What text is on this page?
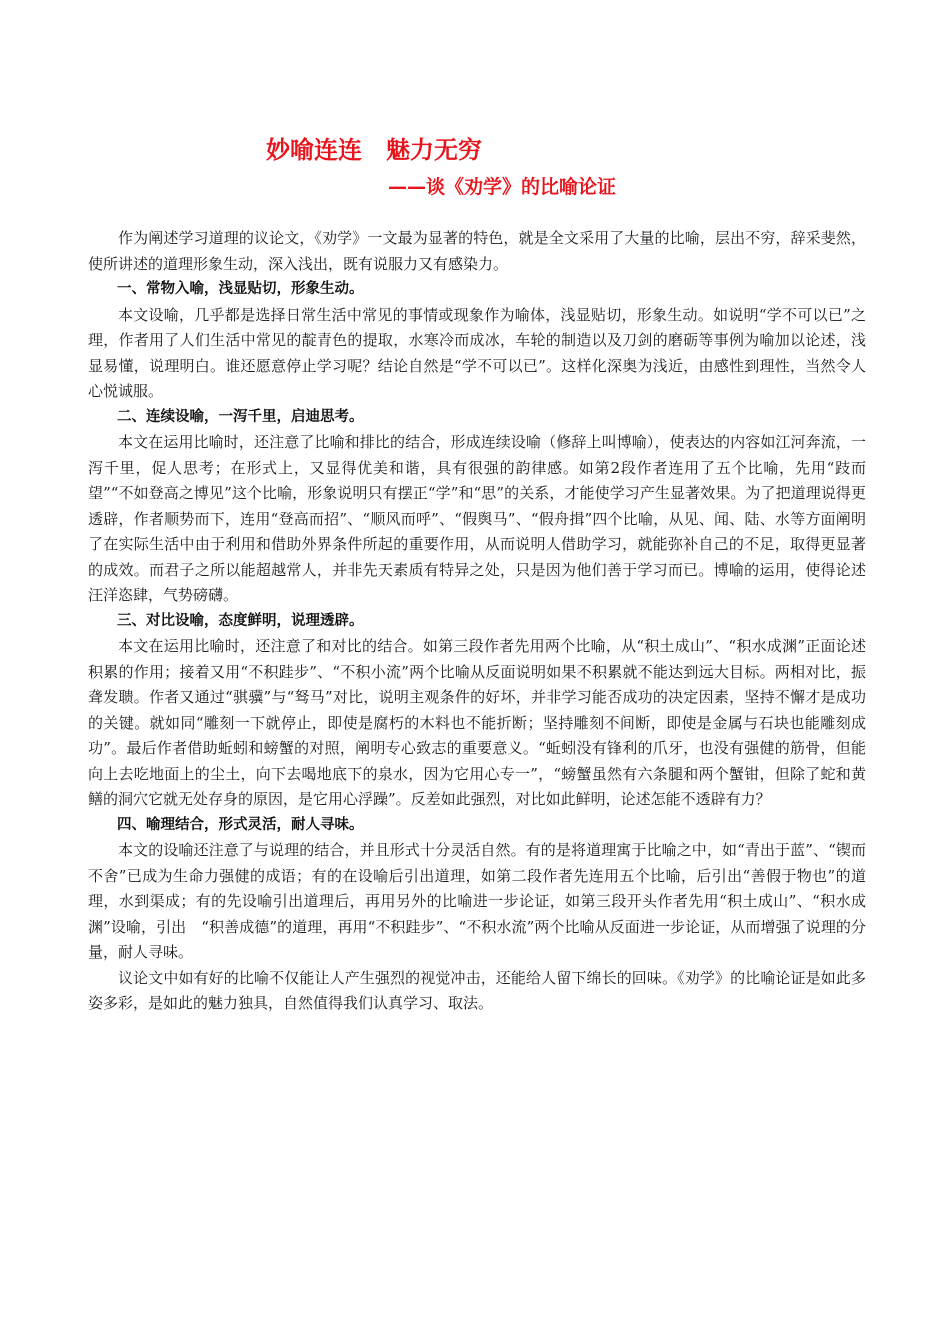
妙喻连连　魅力无穷
——谈《劝学》的比喻论证

作为阐述学习道理的议论文，《劝学》一文最为显著的特色，就是全文采用了大量的比喻，层出不穷，辞采斐然，使所讲述的道理形象生动，深入浅出，既有说服力又有感染力。

一、常物入喻，浅显贴切，形象生动。

本文设喻，几乎都是选择日常生活中常见的事情或现象作为喻体，浅显贴切，形象生动。如说明“学不可以已”之理，作者用了人们生活中常见的靛青色的提取，水寒冷而成冰，车轮的制造以及刀剑的磨砺等事例为喻加以论述，浅显易懂，说理明白。谁还愿意停止学习呢？结论自然是“学不可以已”。这样化深奥为浅近，由感性到理性，当然令人心悦诚服。

二、连续设喻，一泻千里，启迪思考。

本文在运用比喻时，还注意了比喻和排比的结合，形成连续设喻（修辞上叫博喻），使表达的内容如江河奔流，一泻千里，促人思考；在形式上，又显得优美和谐，具有很强的韵律感。如第2段作者连用了五个比喻，先用“跂而望”“不如登高之博见”这个比喻，形象说明只有摆正“学”和“思”的关系，才能使学习产生显著效果。为了把道理说得更透辟，作者顺势而下，连用“登高而招”、“顺风而呼”、“假舆马”、“假舟揖”四个比喻，从见、闻、陆、水等方面阐明了在实际生活中由于利用和借助外界条件所起的重要作用，从而说明人借助学习，就能弥补自己的不足，取得更显著的成效。而君子之所以能超越常人，并非先天素质有特异之处，只是因为他们善于学习而已。博喻的运用，使得论述汪洋恣肆，气势磅礴。

三、对比设喻，态度鲜明，说理透辟。

本文在运用比喻时，还注意了和对比的结合。如第三段作者先用两个比喻，从“积土成山”、“积水成渊”正面论述积累的作用；接着又用“不积跬步”、“不积小流”两个比喻从反面说明如果不积累就不能达到远大目标。两相对比，振聋发聩。作者又通过“骐骥”与“驽马”对比，说明主观条件的好坏，并非学习能否成功的决定因素，坚持不懈才是成功的关键。就如同“雕刻一下就停止，即使是腐朽的木料也不能折断；坚持雕刻不间断，即使是金属与石块也能雕刻成功”。最后作者借助蚯蚓和螃蟹的对照，阐明专心致志的重要意义。“蚯蚓没有锋利的爪牙，也没有强健的筋骨，但能向上去吃地面上的尘土，向下去喝地底下的泉水，因为它用心专一”，“螃蟹虽然有六条腿和两个蟹钳，但除了蛇和黄鳝的洞穴它就无处存身的原因，是它用心浮躁”。反差如此强烈，对比如此鲜明，论述怎能不透辟有力？

四、喻理结合，形式灵活，耐人寻味。

本文的设喻还注意了与说理的结合，并且形式十分灵活自然。有的是将道理寓于比喻之中，如“青出于蓝”、“锲而不舍”已成为生命力强健的成语；有的在设喻后引出道理，如第二段作者先连用五个比喻，后引出“善假于物也”的道理，水到渠成；有的先设喻引出道理后，再用另外的比喻进一步论证，如第三段开头作者先用“积土成山”、“积水成渊”设喻，引出　“积善成德”的道理，再用“不积跬步”、“不积水流”两个比喻从反面进一步论证，从而增强了说理的分量，耐人寻味。

议论文中如有好的比喻不仅能让人产生强烈的视觉冲击，还能给人留下绵长的回味。《劝学》的比喻论证是如此多姿多彩，是如此的魅力独具，自然值得我们认真学习、取法。
